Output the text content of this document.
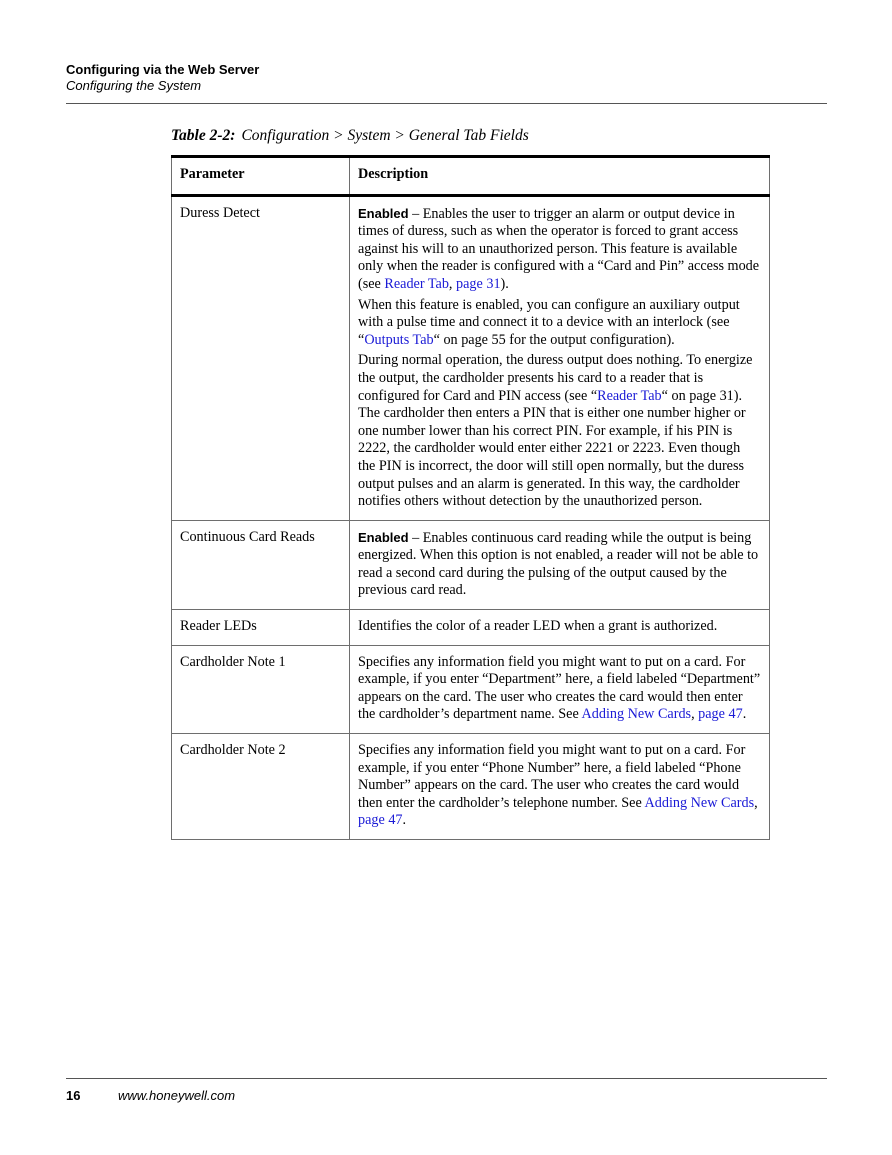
Configuring via the Web Server
Configuring the System
Table 2-2: Configuration > System > General Tab Fields
Parameter	Description
Duress Detect	Enabled – Enables the user to trigger an alarm or output device in times of duress, such as when the operator is forced to grant access against his will to an unauthorized person. This feature is available only when the reader is configured with a “Card and Pin” access mode (see Reader Tab, page 31).

When this feature is enabled, you can configure an auxiliary output with a pulse time and connect it to a device with an interlock (see “Outputs Tab“ on page 55 for the output configuration).

During normal operation, the duress output does nothing. To energize the output, the cardholder presents his card to a reader that is configured for Card and PIN access (see “Reader Tab“ on page 31). The cardholder then enters a PIN that is either one number higher or one number lower than his correct PIN. For example, if his PIN is 2222, the cardholder would enter either 2221 or 2223. Even though the PIN is incorrect, the door will still open normally, but the duress output pulses and an alarm is generated. In this way, the cardholder notifies others without detection by the unauthorized person.

Continuous Card Reads	Enabled – Enables continuous card reading while the output is being energized. When this option is not enabled, a reader will not be able to read a second card during the pulsing of the output caused by the previous card read.
Reader LEDs	Identifies the color of a reader LED when a grant is authorized.
Cardholder Note 1	Specifies any information field you might want to put on a card. For example, if you enter “Department” here, a field labeled “Department” appears on the card. The user who creates the card would then enter the cardholder’s department name. See Adding New Cards, page 47.
Cardholder Note 2	Specifies any information field you might want to put on a card. For example, if you enter “Phone Number” here, a field labeled “Phone Number” appears on the card. The user who creates the card would then enter the cardholder’s telephone number. See Adding New Cards, page 47.
16	www.honeywell.com
